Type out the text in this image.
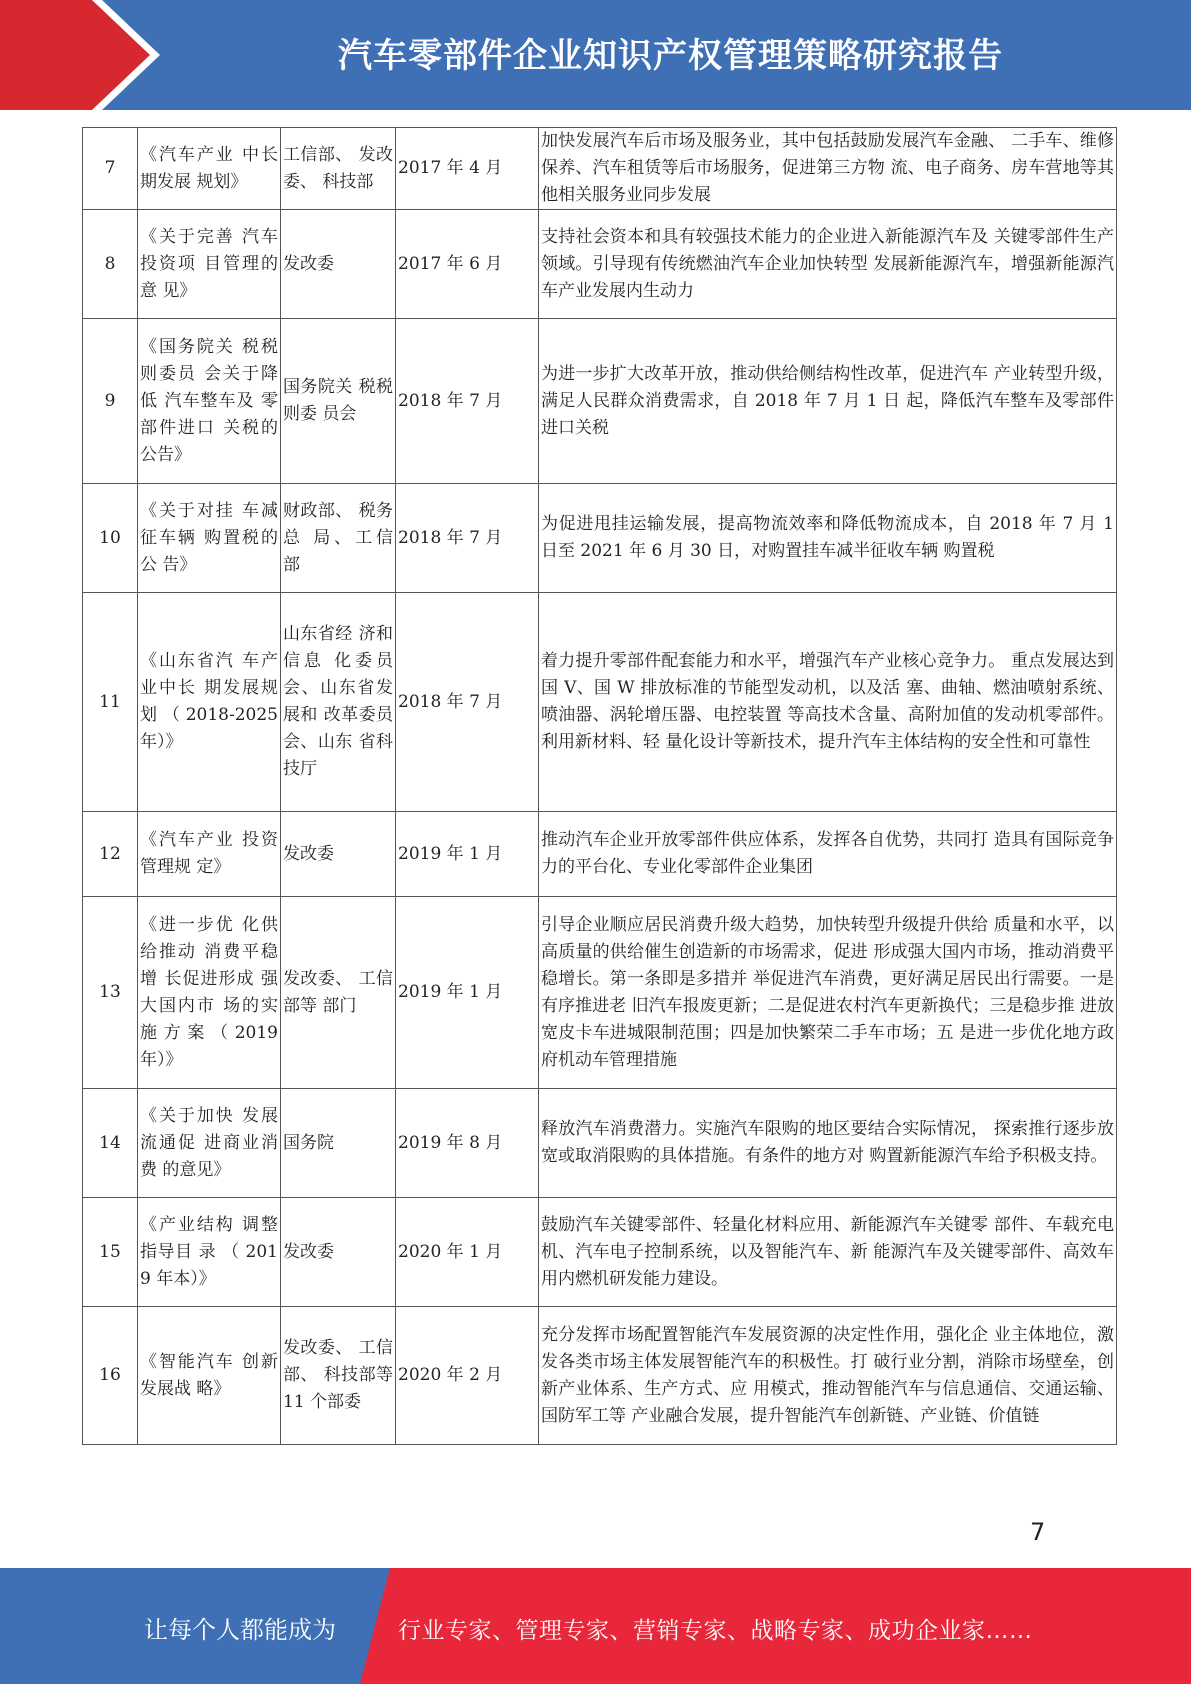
汽车零部件企业知识产权管理策略研究报告
7	《汽车产业 中长期发展 规划》	工信部、 发改委、 科技部	2017 年 4 月	加快发展汽车后市场及服务业，其中包括鼓励发展汽车金融、 二手车、维修保养、汽车租赁等后市场服务，促进第三方物 流、电子商务、房车营地等其他相关服务业同步发展
8	《关于完善 汽车投资项 目管理的意 见》	发改委	2017 年 6 月	支持社会资本和具有较强技术能力的企业进入新能源汽车及 关键零部件生产领域。引导现有传统燃油汽车企业加快转型 发展新能源汽车，增强新能源汽车产业发展内生动力
9	《国务院关 税税则委员 会关于降低 汽车整车及 零部件进口 关税的公告》	国务院关 税税则委 员会	2018 年 7 月	为进一步扩大改革开放，推动供给侧结构性改革，促进汽车 产业转型升级，满足人民群众消费需求，自 2018 年 7 月 1 日 起，降低汽车整车及零部件进口关税
10	《关于对挂 车减征车辆 购置税的公 告》	财政部、 税务总 局、工信 部	2018 年 7 月	为促进甩挂运输发展，提高物流效率和降低物流成本，自 2018 年 7 月 1 日至 2021 年 6 月 30 日，对购置挂车减半征收车辆 购置税
11	《山东省汽 车产业中长 期发展规划 （ 2018-2025 年）》	山东省经 济和信息 化委员 会、山东省发展和 改革委员 会、山东 省科技厅	2018 年 7 月	着力提升零部件配套能力和水平，增强汽车产业核心竞争力。 重点发展达到国 V、国 W 排放标准的节能型发动机，以及活 塞、曲轴、燃油喷射系统、喷油器、涡轮增压器、电控装置 等高技术含量、高附加值的发动机零部件。利用新材料、轻 量化设计等新技术，提升汽车主体结构的安全性和可靠性
12	《汽车产业 投资管理规 定》	发改委	2019 年 1 月	推动汽车企业开放零部件供应体系，发挥各自优势，共同打 造具有国际竞争力的平台化、专业化零部件企业集团
13	《进一步优 化供给推动 消费平稳增 长促进形成 强大国内市 场的实施方案（2019 年）》	发改委、 工信部等 部门	2019 年 1 月	引导企业顺应居民消费升级大趋势，加快转型升级提升供给 质量和水平，以高质量的供给催生创造新的市场需求，促进 形成强大国内市场，推动消费平稳增长。第一条即是多措并 举促进汽车消费，更好满足居民出行需要。一是有序推进老 旧汽车报废更新；二是促进农村汽车更新换代；三是稳步推 进放宽皮卡车进城限制范围；四是加快繁荣二手车市场；五 是进一步优化地方政府机动车管理措施
14	《关于加快 发展流通促 进商业消费 的意见》	国务院	2019 年 8 月	释放汽车消费潜力。实施汽车限购的地区要结合实际情况， 探索推行逐步放宽或取消限购的具体措施。有条件的地方对 购置新能源汽车给予积极支持。
15	《产业结构 调整指导目 录 （ 2019 年本）》	发改委	2020 年 1 月	鼓励汽车关键零部件、轻量化材料应用、新能源汽车关键零 部件、车载充电机、汽车电子控制系统，以及智能汽车、新 能源汽车及关键零部件、高效车用内燃机研发能力建设。
16	《智能汽车 创新发展战 略》	发改委、 工信部、 科技部等 11 个部委	2020 年 2 月	充分发挥市场配置智能汽车发展资源的决定性作用，强化企 业主体地位，激发各类市场主体发展智能汽车的积极性。打 破行业分割，消除市场壁垒，创新产业体系、生产方式、应 用模式，推动智能汽车与信息通信、交通运输、国防军工等 产业融合发展，提升智能汽车创新链、产业链、价值链
7
让每个人都能成为	行业专家、管理专家、营销专家、战略专家、成功企业家……
